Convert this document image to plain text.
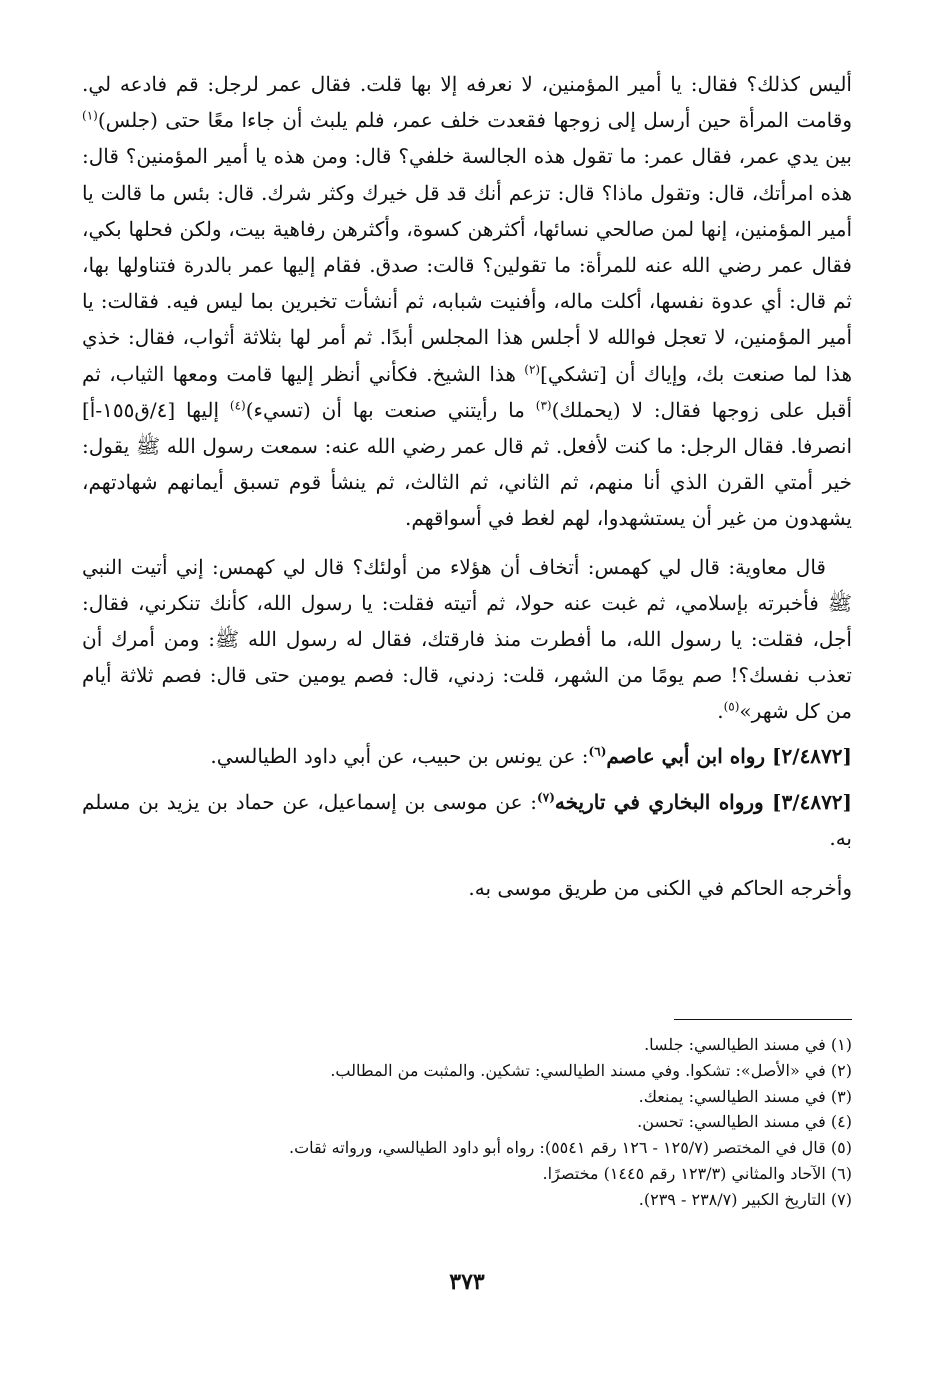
أليس كذلك؟ فقال: يا أمير المؤمنين، لا نعرفه إلا بها قلت. فقال عمر لرجل: قم فادعه لي. وقامت المرأة حين أرسل إلى زوجها فقعدت خلف عمر، فلم يلبث أن جاءا معًا حتى (جلس)$^{(١)}$ بين يدي عمر، فقال عمر: ما تقول هذه الجالسة خلفي؟ قال: ومن هذه يا أمير المؤمنين؟ قال: هذه امرأتك، قال: وتقول ماذا؟ قال: تزعم أنك قد قل خيرك وكثر شرك. قال: بئس ما قالت يا أمير المؤمنين، إنها لمن صالحي نسائها، أكثرهن كسوة، وأكثرهن رفاهية بيت، ولكن فحلها بكي، فقال عمر رضي الله عنه للمرأة: ما تقولين؟ قالت: صدق. فقام إليها عمر بالدرة فتناولها بها، ثم قال: أي عدوة نفسها، أكلت ماله، وأفنيت شبابه، ثم أنشأت تخبرين بما ليس فيه. فقالت: يا أمير المؤمنين، لا تعجل فوالله لا أجلس هذا المجلس أبدًا. ثم أمر لها بثلاثة أثواب، فقال: خذي هذا لما صنعت بك، وإياك أن [تشكي]$^{(٢)}$ هذا الشيخ. فكأني أنظر إليها قامت ومعها الثياب، ثم أقبل على زوجها فقال: لا (يحملك)$^{(٣)}$ ما رأيتني صنعت بها أن (تسيء)$^{(٤)}$ إليها [٤/ق١٥٥-أ] انصرفا. فقال الرجل: ما كنت لأفعل. ثم قال عمر رضي الله عنه: سمعت رسول الله ﷺ يقول: خير أمتي القرن الذي أنا منهم، ثم الثاني، ثم الثالث، ثم ينشأ قوم تسبق أيمانهم شهادتهم، يشهدون من غير أن يستشهدوا، لهم لغط في أسواقهم.

قال معاوية: قال لي كهمس: أتخاف أن هؤلاء من أولئك؟ قال لي كهمس: إني أتيت النبي ﷺ فأخبرته بإسلامي، ثم غبت عنه حولا، ثم أتيته فقلت: يا رسول الله، كأنك تنكرني، فقال: أجل، فقلت: يا رسول الله، ما أفطرت منذ فارقتك، فقال له رسول الله ﷺ: ومن أمرك أن تعذب نفسك؟! صم يومًا من الشهر، قلت: زدني، قال: فصم يومين حتى قال: فصم ثلاثة أيام من كل شهر»$^{(٥)}$.

[٢/٤٨٧٢] رواه ابن أبي عاصم$^{(٦)}$: عن يونس بن حبيب، عن أبي داود الطيالسي.

[٣/٤٨٧٢] ورواه البخاري في تاريخه$^{(٧)}$: عن موسى بن إسماعيل، عن حماد بن يزيد بن مسلم به.

وأخرجه الحاكم في الكنى من طريق موسى به.

(١) في مسند الطيالسي: جلسا.

(٢) في «الأصل»: تشكوا. وفي مسند الطيالسي: تشكين. والمثبت من المطالب.

(٣) في مسند الطيالسي: يمنعك.

(٤) في مسند الطيالسي: تحسن.

(٥) قال في المختصر (١٢٥/٧ - ١٢٦ رقم ٥٥٤١): رواه أبو داود الطيالسي، ورواته ثقات.

(٦) الآحاد والمثاني (١٢٣/٣ رقم ١٤٤٥) مختصرًا.

(٧) التاريخ الكبير (٢٣٨/٧ - ٢٣٩).

٣٧٣
